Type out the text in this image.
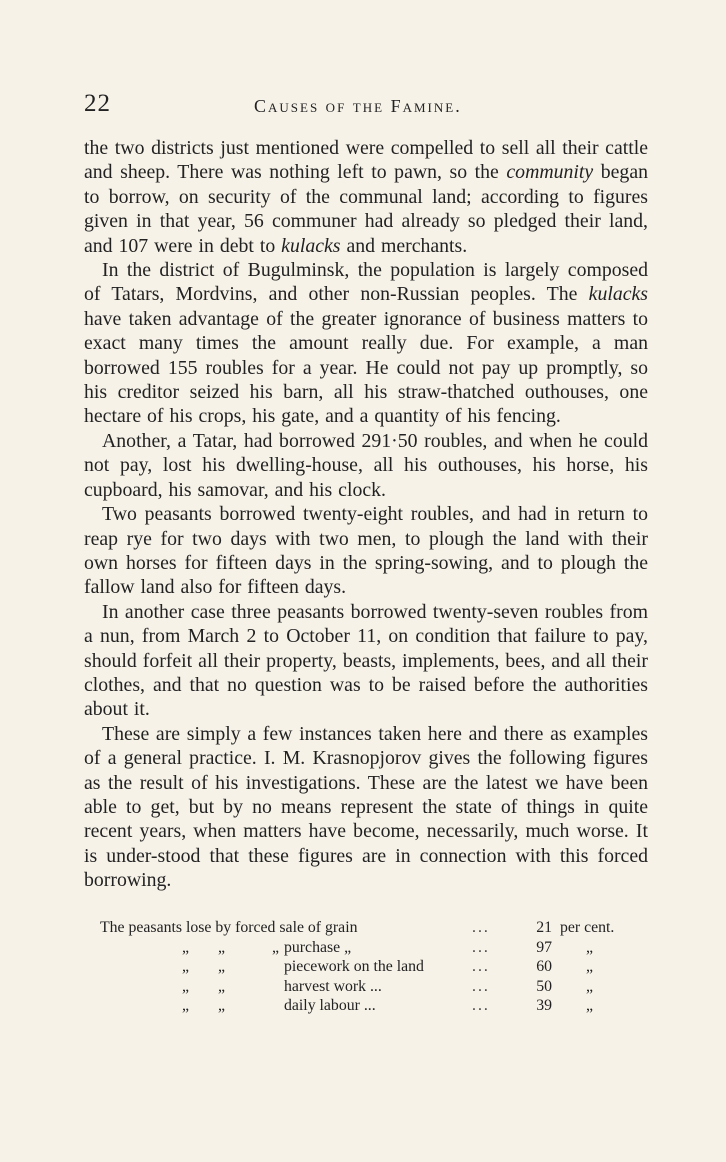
22	Causes of the Famine.

the two districts just mentioned were compelled to sell all their cattle and sheep. There was nothing left to pawn, so the community began to borrow, on security of the communal land; according to figures given in that year, 56 communer had already so pledged their land, and 107 were in debt to kulacks and merchants.

In the district of Bugulminsk, the population is largely composed of Tatars, Mordvins, and other non-Russian peoples. The kulacks have taken advantage of the greater ignorance of business matters to exact many times the amount really due. For example, a man borrowed 155 roubles for a year. He could not pay up promptly, so his creditor seized his barn, all his straw-thatched outhouses, one hectare of his crops, his gate, and a quantity of his fencing.

Another, a Tatar, had borrowed 291·50 roubles, and when he could not pay, lost his dwelling-house, all his outhouses, his horse, his cupboard, his samovar, and his clock.

Two peasants borrowed twenty-eight roubles, and had in return to reap rye for two days with two men, to plough the land with their own horses for fifteen days in the spring-sowing, and to plough the fallow land also for fifteen days.

In another case three peasants borrowed twenty-seven roubles from a nun, from March 2 to October 11, on condition that failure to pay, should forfeit all their property, beasts, implements, bees, and all their clothes, and that no question was to be raised before the authorities about it.

These are simply a few instances taken here and there as examples of a general practice. I. M. Krasnopjorov gives the following figures as the result of his investigations. These are the latest we have been able to get, but by no means represent the state of things in quite recent years, when matters have become, necessarily, much worse. It is under-stood that these figures are in connection with this forced borrowing.

The peasants lose by forced sale of grain	...	21 per cent.
„ „	„ purchase „	...	97 „
„ „	piecework on the land	...	60 „
„ „	harvest work ...	...	50 „
„ „	daily labour ...	...	39 „
